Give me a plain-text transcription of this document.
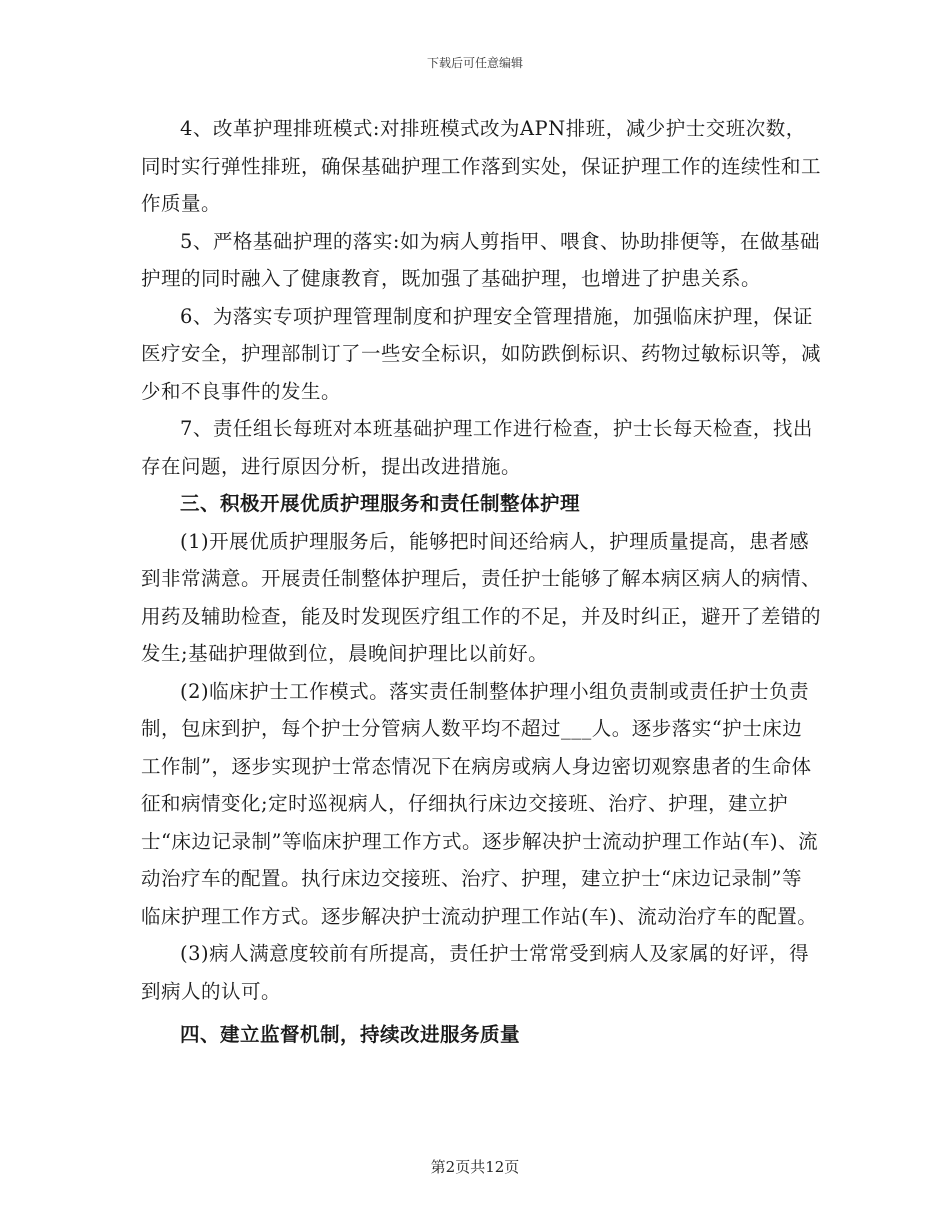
下载后可任意编辑

4、改革护理排班模式:对排班模式改为APN排班，减少护士交班次数，同时实行弹性排班，确保基础护理工作落到实处，保证护理工作的连续性和工作质量。

5、严格基础护理的落实:如为病人剪指甲、喂食、协助排便等，在做基础护理的同时融入了健康教育，既加强了基础护理，也增进了护患关系。

6、为落实专项护理管理制度和护理安全管理措施，加强临床护理，保证医疗安全，护理部制订了一些安全标识，如防跌倒标识、药物过敏标识等，减少和不良事件的发生。

7、责任组长每班对本班基础护理工作进行检查，护士长每天检查，找出存在问题，进行原因分析，提出改进措施。

三、积极开展优质护理服务和责任制整体护理

(1)开展优质护理服务后，能够把时间还给病人，护理质量提高，患者感到非常满意。开展责任制整体护理后，责任护士能够了解本病区病人的病情、用药及辅助检查，能及时发现医疗组工作的不足，并及时纠正，避开了差错的发生;基础护理做到位，晨晚间护理比以前好。

(2)临床护士工作模式。落实责任制整体护理小组负责制或责任护士负责制，包床到护，每个护士分管病人数平均不超过___人。逐步落实“护士床边工作制”，逐步实现护士常态情况下在病房或病人身边密切观察患者的生命体征和病情变化;定时巡视病人，仔细执行床边交接班、治疗、护理，建立护士“床边记录制”等临床护理工作方式。逐步解决护士流动护理工作站(车)、流动治疗车的配置。执行床边交接班、治疗、护理，建立护士“床边记录制”等临床护理工作方式。逐步解决护士流动护理工作站(车)、流动治疗车的配置。

(3)病人满意度较前有所提高，责任护士常常受到病人及家属的好评，得到病人的认可。

四、建立监督机制，持续改进服务质量

第2页共12页
